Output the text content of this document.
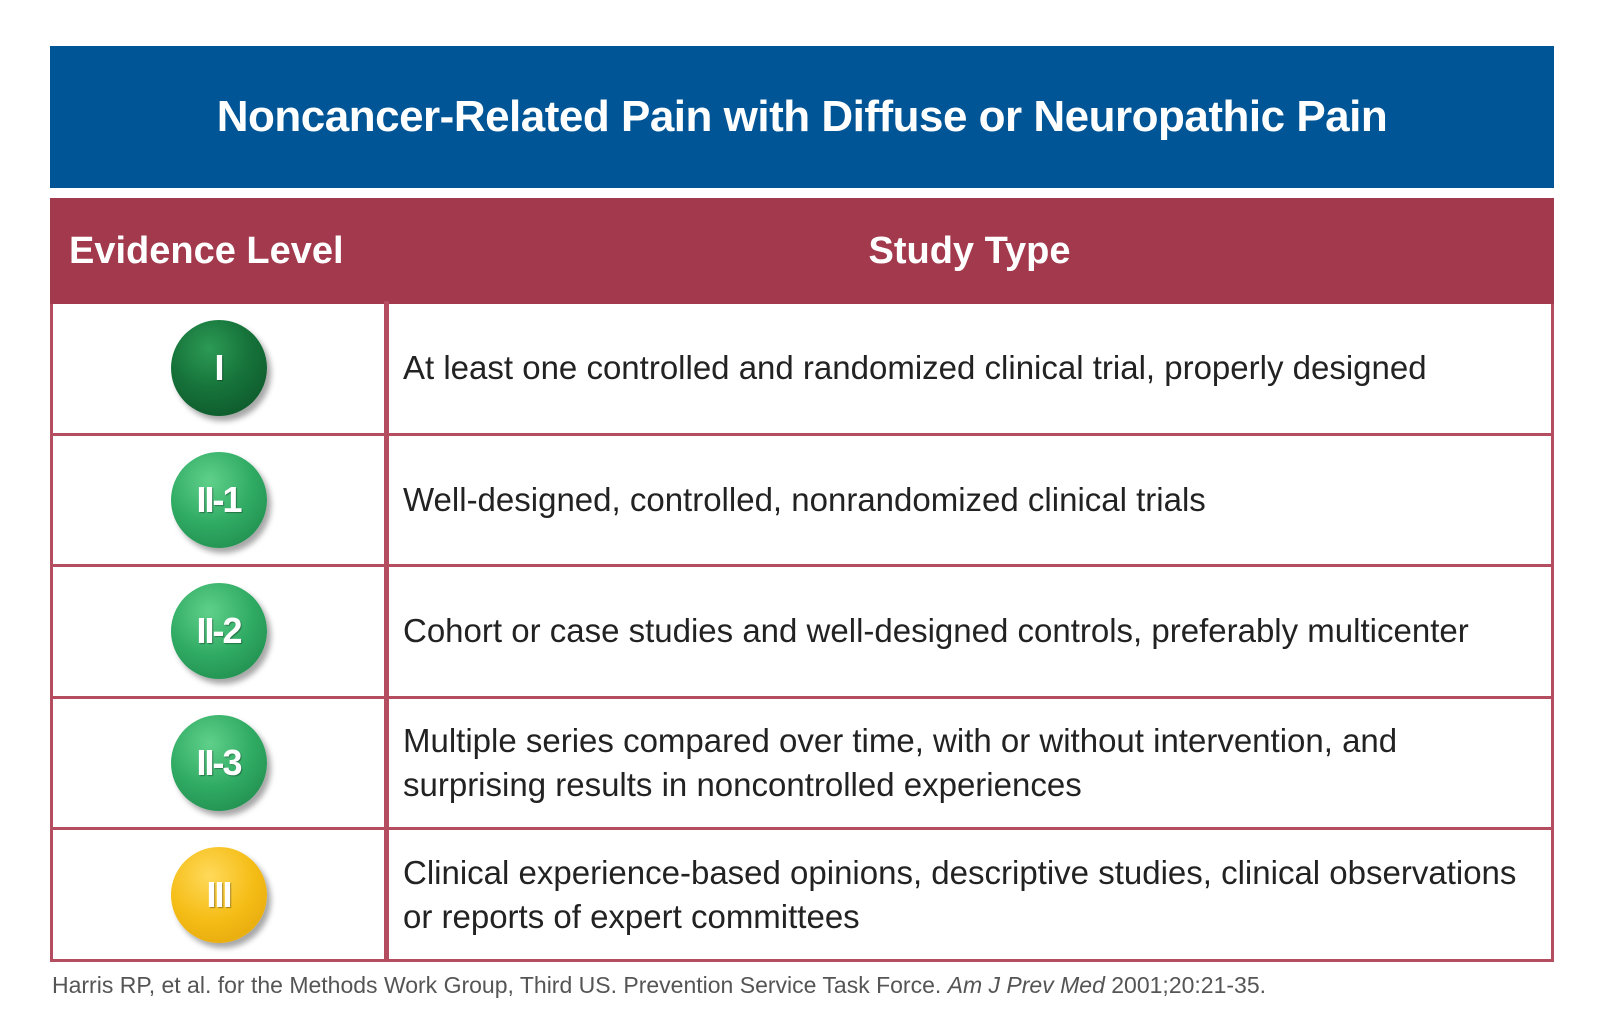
Noncancer-Related Pain with Diffuse or Neuropathic Pain
Evidence Level	Study Type
I	At least one controlled and randomized clinical trial, properly designed
II-1	Well-designed, controlled, nonrandomized clinical trials
II-2	Cohort or case studies and well-designed controls, preferably multicenter
II-3	Multiple series compared over time, with or without intervention, and surprising results in noncontrolled experiences
III	Clinical experience-based opinions, descriptive studies, clinical observations or reports of expert committees
Harris RP, et al. for the Methods Work Group, Third US. Prevention Service Task Force. Am J Prev Med 2001;20:21-35.
